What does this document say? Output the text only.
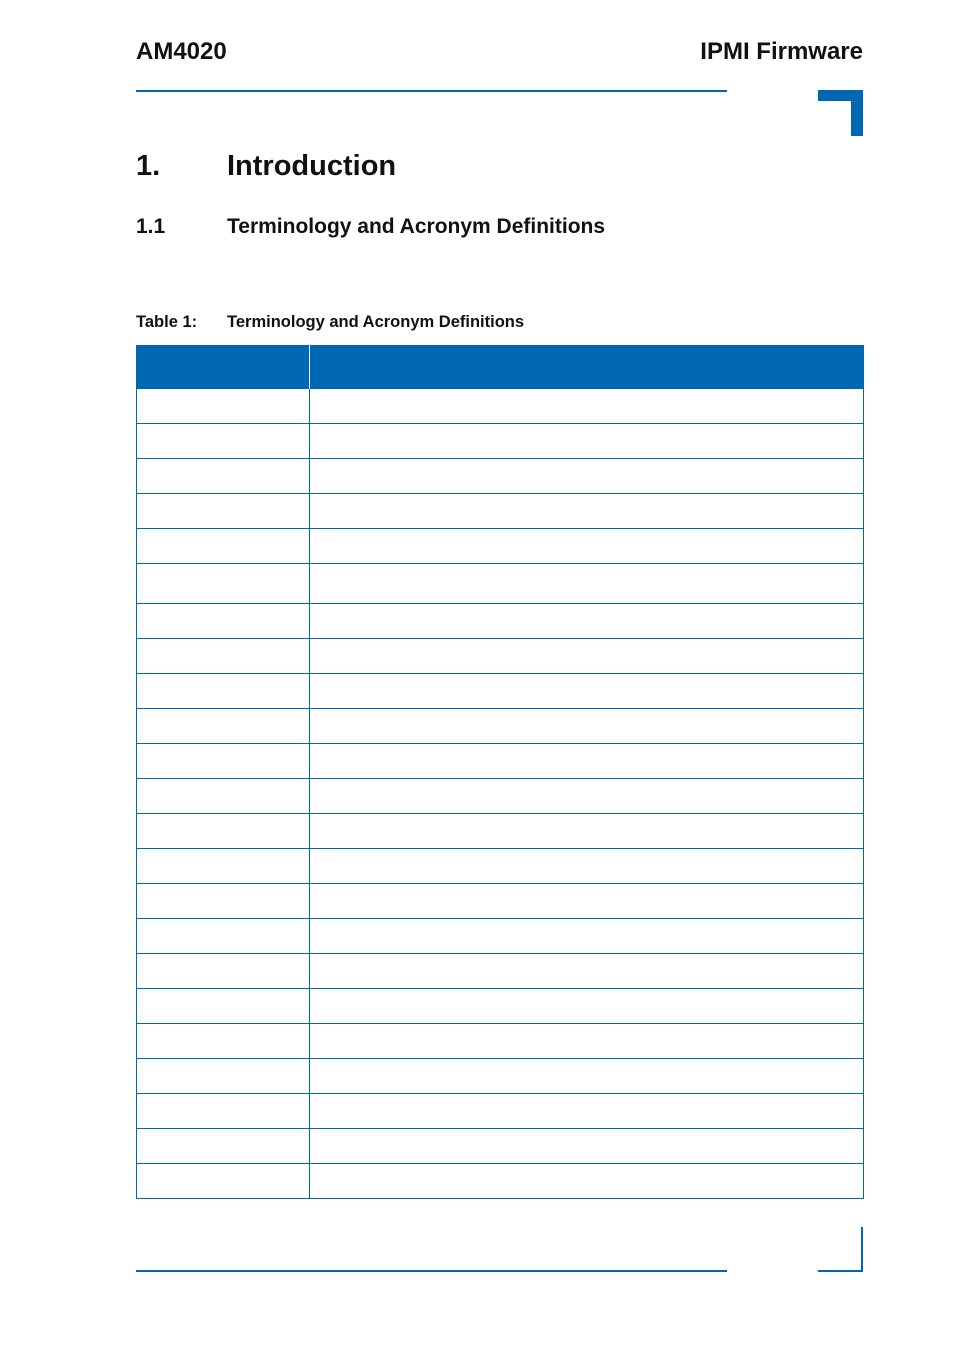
AM4020	IPMI Firmware
1. Introduction
1.1	Terminology and Acronym Definitions
Table 1: Terminology and Acronym Definitions
